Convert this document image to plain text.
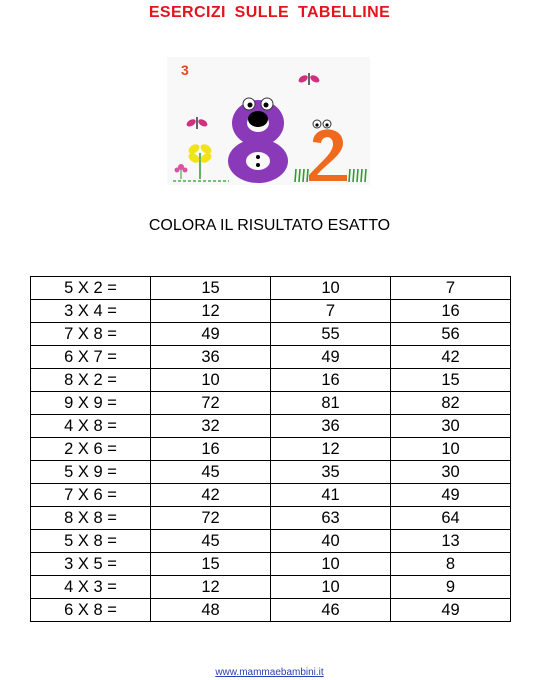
ESERCIZI SULLE TABELLINE
3
COLORA IL RISULTATO ESATTO
5 X 2 =	15	10	7
3 X 4 =	12	7	16
7 X 8 =	49	55	56
6 X 7 =	36	49	42
8 X 2 =	10	16	15
9 X 9 =	72	81	82
4 X 8 =	32	36	30
2 X 6 =	16	12	10
5 X 9 =	45	35	30
7 X 6 =	42	41	49
8 X 8 =	72	63	64
5 X 8 =	45	40	13
3 X 5 =	15	10	8
4 X 3 =	12	10	9
6 X 8 =	48	46	49
www.mammaebambini.it
